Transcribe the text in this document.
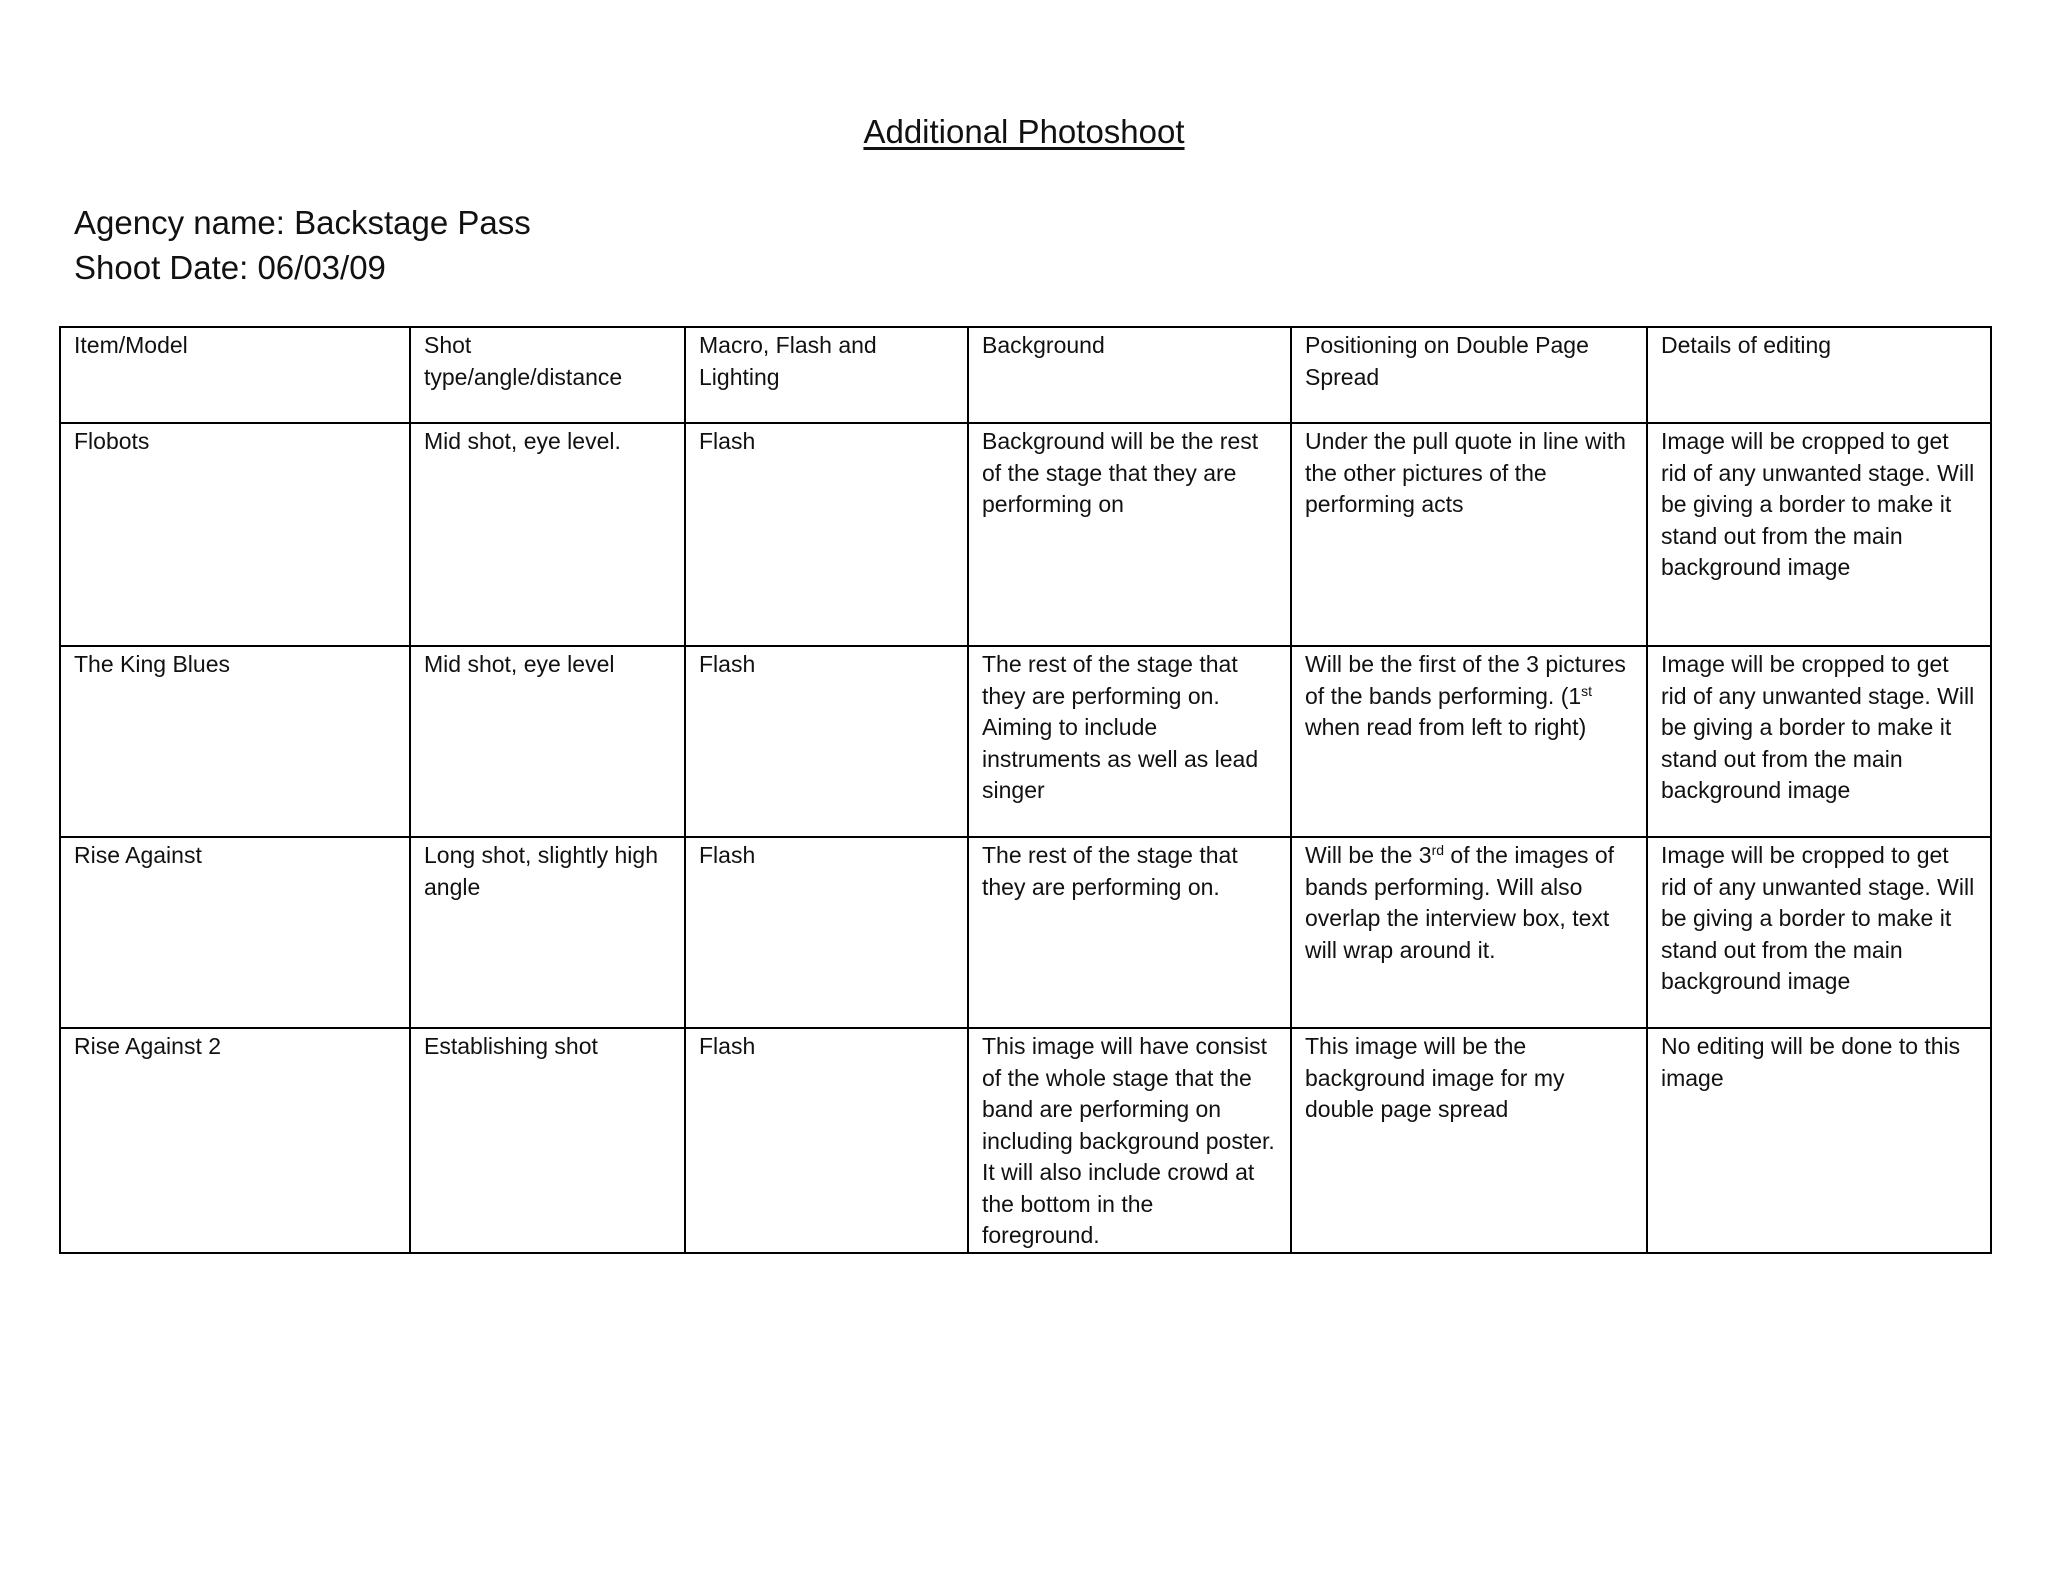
Additional Photoshoot
Agency name: Backstage Pass
Shoot Date: 06/03/09
Item/Model	Shot type/angle/distance	Macro, Flash and Lighting	Background	Positioning on Double Page Spread	Details of editing

Flobots	Mid shot, eye level.	Flash	Background will be the rest of the stage that they are performing on	Under the pull quote in line with the other pictures of the performing acts	Image will be cropped to get rid of any unwanted stage. Will be giving a border to make it stand out from the main background image

The King Blues	Mid shot, eye level	Flash	The rest of the stage that they are performing on. Aiming to include instruments as well as lead singer	Will be the first of the 3 pictures of the bands performing. (1st when read from left to right)	Image will be cropped to get rid of any unwanted stage. Will be giving a border to make it stand out from the main background image

Rise Against	Long shot, slightly high angle	Flash	The rest of the stage that they are performing on.	Will be the 3rd of the images of bands performing. Will also overlap the interview box, text will wrap around it.	Image will be cropped to get rid of any unwanted stage. Will be giving a border to make it stand out from the main background image

Rise Against 2	Establishing shot	Flash	This image will have consist of the whole stage that the band are performing on including background poster. It will also include crowd at the bottom in the foreground.	This image will be the background image for my double page spread	No editing will be done to this image
